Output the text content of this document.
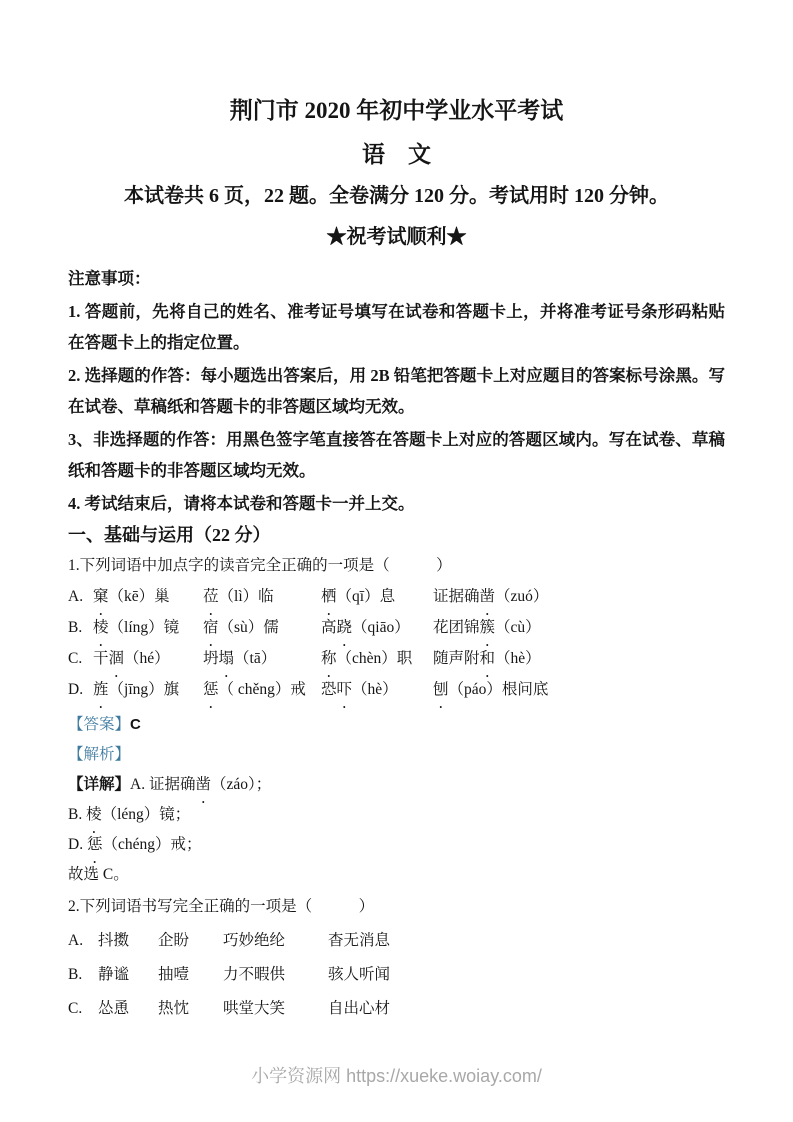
荆门市 2020 年初中学业水平考试
语　文
本试卷共 6 页，22 题。全卷满分 120 分。考试用时 120 分钟。
★祝考试顺利★
注意事项：

1. 答题前，先将自己的姓名、准考证号填写在试卷和答题卡上，并将准考证号条形码粘贴在答题卡上的指定位置。

2. 选择题的作答：每小题选出答案后，用 2B 铅笔把答题卡上对应题目的答案标号涂黑。写在试卷、草稿纸和答题卡的非答题区域均无效。

3、非选择题的作答：用黑色签字笔直接答在答题卡上对应的答题区域内。写在试卷、草稿纸和答题卡的非答题区域均无效。

4. 考试结束后，请将本试卷和答题卡一并上交。

一、基础与运用（22 分）
1.下列词语中加点字的读音完全正确的一项是（　　　）
A. 窠（kē）巢	莅（lì）临	栖（qī）息	证据确凿（zuó）
B. 棱（líng）镜	宿（sù）儒	高跷（qiāo）	花团锦簇（cù）
C. 干涸（hé）	坍塌（tā）	称（chèn）职	随声附和（hè）
D. 旌（jīng）旗	惩（ chěng）戒 恐吓（hè）	刨（páo）根问底
【答案】C
【解析】
【详解】A. 证据确凿（záo）；
B. 棱（léng）镜；
D. 惩（chéng）戒；
故选 C。
2.下列词语书写完全正确的一项是（　　　）
A. 抖擞	企盼	巧妙绝纶	杳无消息
B.	静谧	抽噎	力不暇供	骇人听闻
C.	怂恿	热忱	哄堂大笑	自出心材
小学资源网 https://xueke.woiay.com/
